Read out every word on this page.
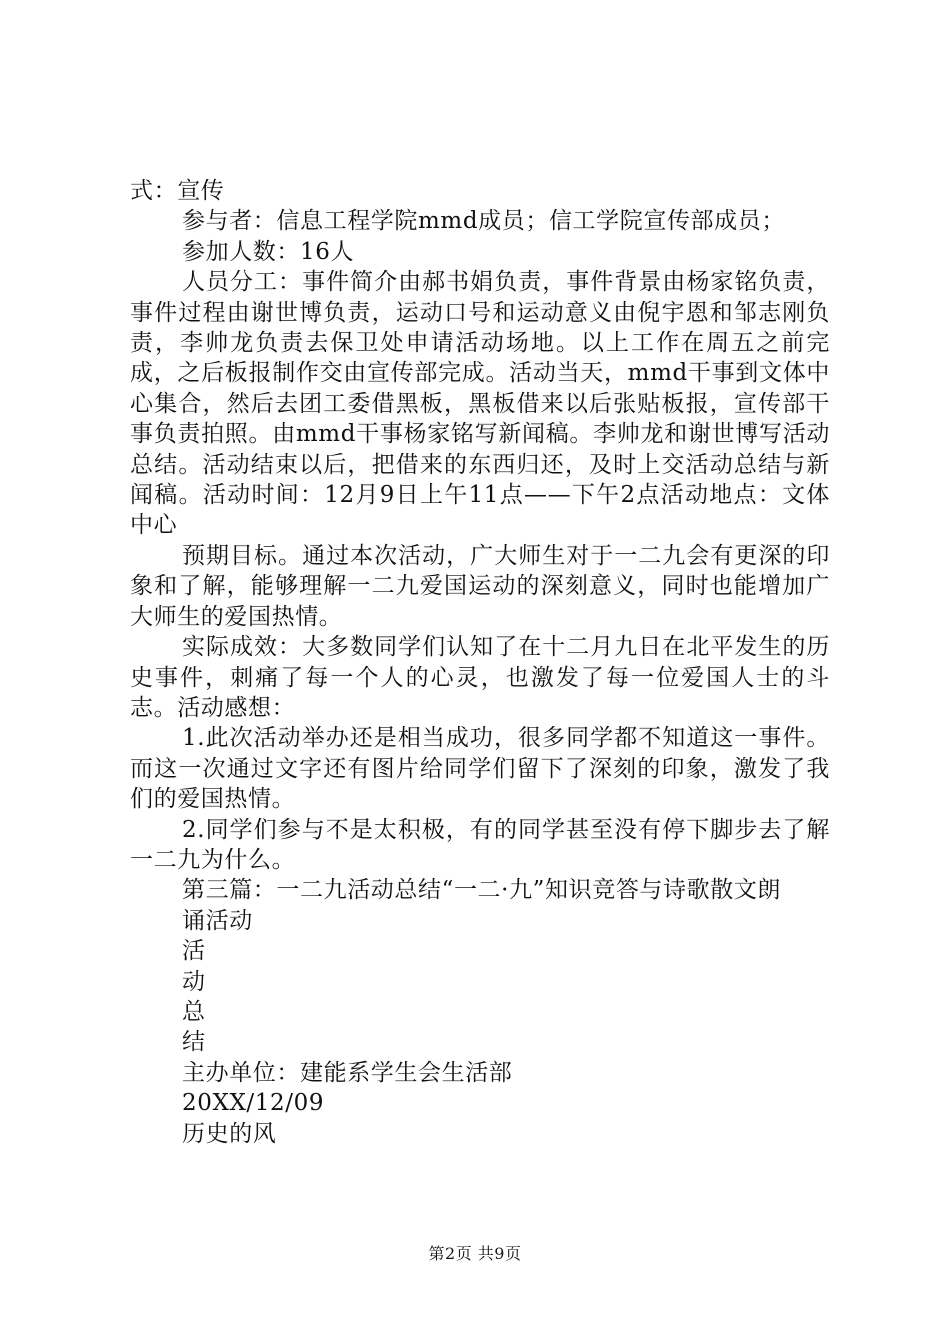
式：宣传

参与者：信息工程学院mmd成员；信工学院宣传部成员；

参加人数：16人

人员分工：事件简介由郝书娟负责，事件背景由杨家铭负责，事件过程由谢世博负责，运动口号和运动意义由倪宇恩和邹志刚负责，李帅龙负责去保卫处申请活动场地。以上工作在周五之前完成，之后板报制作交由宣传部完成。活动当天，mmd干事到文体中心集合，然后去团工委借黑板，黑板借来以后张贴板报，宣传部干事负责拍照。由mmd干事杨家铭写新闻稿。李帅龙和谢世博写活动总结。活动结束以后，把借来的东西归还，及时上交活动总结与新闻稿。活动时间：12月9日上午11点——下午2点活动地点：文体中心

预期目标。通过本次活动，广大师生对于一二九会有更深的印象和了解，能够理解一二九爱国运动的深刻意义，同时也能增加广大师生的爱国热情。

实际成效：大多数同学们认知了在十二月九日在北平发生的历史事件，刺痛了每一个人的心灵，也激发了每一位爱国人士的斗志。活动感想：

1.此次活动举办还是相当成功，很多同学都不知道这一事件。而这一次通过文字还有图片给同学们留下了深刻的印象，激发了我们的爱国热情。

2.同学们参与不是太积极，有的同学甚至没有停下脚步去了解一二九为什么。

第三篇：一二九活动总结“一二·九”知识竞答与诗歌散文朗

诵活动

活

动

总

结

主办单位：建能系学生会生活部

20XX/12/09

历史的风

第2页 共9页
